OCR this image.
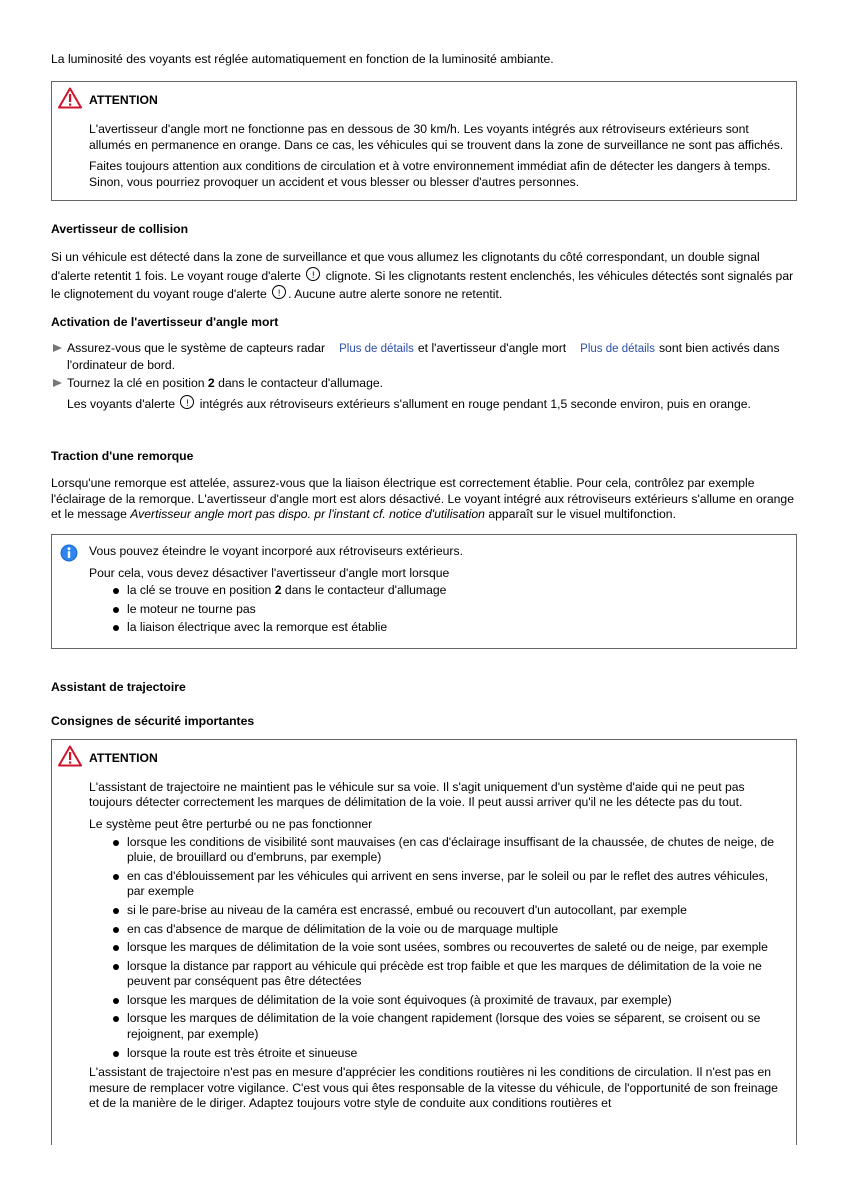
La luminosité des voyants est réglée automatiquement en fonction de la luminosité ambiante.

ATTENTION

L'avertisseur d'angle mort ne fonctionne pas en dessous de 30 km/h. Les voyants intégrés aux rétroviseurs extérieurs sont allumés en permanence en orange. Dans ce cas, les véhicules qui se trouvent dans la zone de surveillance ne sont pas affichés.

Faites toujours attention aux conditions de circulation et à votre environnement immédiat afin de détecter les dangers à temps. Sinon, vous pourriez provoquer un accident et vous blesser ou blesser d'autres personnes.

Avertisseur de collision

Si un véhicule est détecté dans la zone de surveillance et que vous allumez les clignotants du côté correspondant, un double signal d'alerte retentit 1 fois. Le voyant rouge d'alerte ! clignote. Si les clignotants restent enclenchés, les véhicules détectés sont signalés par le clignotement du voyant rouge d'alerte ! . Aucune autre alerte sonore ne retentit.

Activation de l'avertisseur d'angle mort
Assurez-vous que le système de capteurs radar Plus de détails et l'avertisseur d'angle mort Plus de détails sont bien activés dans l'ordinateur de bord.
Tournez la clé en position 2 dans le contacteur d'allumage.
Les voyants d'alerte ! intégrés aux rétroviseurs extérieurs s'allument en rouge pendant 1,5 seconde environ, puis en orange.
Traction d'une remorque

Lorsqu'une remorque est attelée, assurez-vous que la liaison électrique est correctement établie. Pour cela, contrôlez par exemple l'éclairage de la remorque. L'avertisseur d'angle mort est alors désactivé. Le voyant intégré aux rétroviseurs extérieurs s'allume en orange et le message Avertisseur angle mort pas dispo. pr l'instant cf. notice d'utilisation apparaît sur le visuel multifonction.

Vous pouvez éteindre le voyant incorporé aux rétroviseurs extérieurs.

Pour cela, vous devez désactiver l'avertisseur d'angle mort lorsque

la clé se trouve en position 2 dans le contacteur d'allumage
le moteur ne tourne pas
la liaison électrique avec la remorque est établie
Assistant de trajectoire
Consignes de sécurité importantes

ATTENTION

L'assistant de trajectoire ne maintient pas le véhicule sur sa voie. Il s'agit uniquement d'un système d'aide qui ne peut pas toujours détecter correctement les marques de délimitation de la voie. Il peut aussi arriver qu'il ne les détecte pas du tout.

Le système peut être perturbé ou ne pas fonctionner

lorsque les conditions de visibilité sont mauvaises (en cas d'éclairage insuffisant de la chaussée, de chutes de neige, de pluie, de brouillard ou d'embruns, par exemple)
en cas d'éblouissement par les véhicules qui arrivent en sens inverse, par le soleil ou par le reflet des autres véhicules, par exemple
si le pare-brise au niveau de la caméra est encrassé, embué ou recouvert d'un autocollant, par exemple
en cas d'absence de marque de délimitation de la voie ou de marquage multiple
lorsque les marques de délimitation de la voie sont usées, sombres ou recouvertes de saleté ou de neige, par exemple
lorsque la distance par rapport au véhicule qui précède est trop faible et que les marques de délimitation de la voie ne peuvent par conséquent pas être détectées
lorsque les marques de délimitation de la voie sont équivoques (à proximité de travaux, par exemple)
lorsque les marques de délimitation de la voie changent rapidement (lorsque des voies se séparent, se croisent ou se rejoignent, par exemple)
lorsque la route est très étroite et sinueuse

L'assistant de trajectoire n'est pas en mesure d'apprécier les conditions routières ni les conditions de circulation. Il n'est pas en mesure de remplacer votre vigilance. C'est vous qui êtes responsable de la vitesse du véhicule, de l'opportunité de son freinage et de la manière de le diriger. Adaptez toujours votre style de conduite aux conditions routières et
